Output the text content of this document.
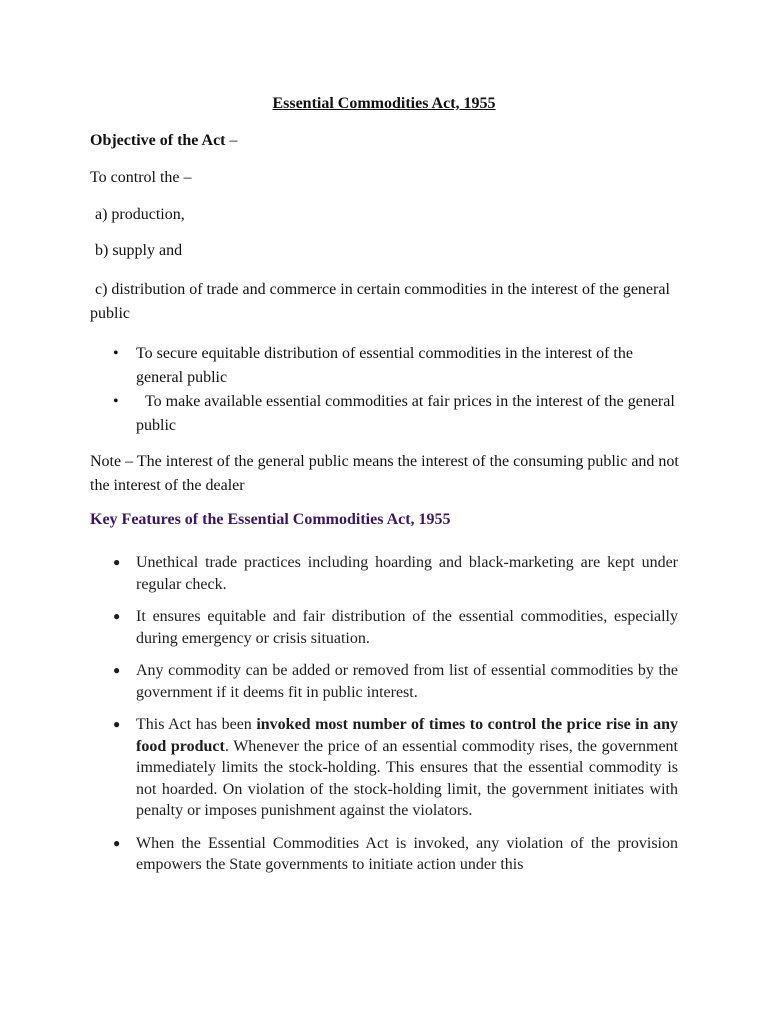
Essential Commodities Act, 1955
Objective of the Act –
To control the –
a) production,
b) supply and
c) distribution of trade and commerce in certain commodities in the interest of the general public
• To secure equitable distribution of essential commodities in the interest of the general public
• To make available essential commodities at fair prices in the interest of the general public
Note – The interest of the general public means the interest of the consuming public and not the interest of the dealer
Key Features of the Essential Commodities Act, 1955
● Unethical trade practices including hoarding and black-marketing are kept under regular check.
● It ensures equitable and fair distribution of the essential commodities, especially during emergency or crisis situation.
● Any commodity can be added or removed from list of essential commodities by the government if it deems fit in public interest.
● This Act has been invoked most number of times to control the price rise in any food product. Whenever the price of an essential commodity rises, the government immediately limits the stock-holding. This ensures that the essential commodity is not hoarded. On violation of the stock-holding limit, the government initiates with penalty or imposes punishment against the violators.
● When the Essential Commodities Act is invoked, any violation of the provision empowers the State governments to initiate action under this
